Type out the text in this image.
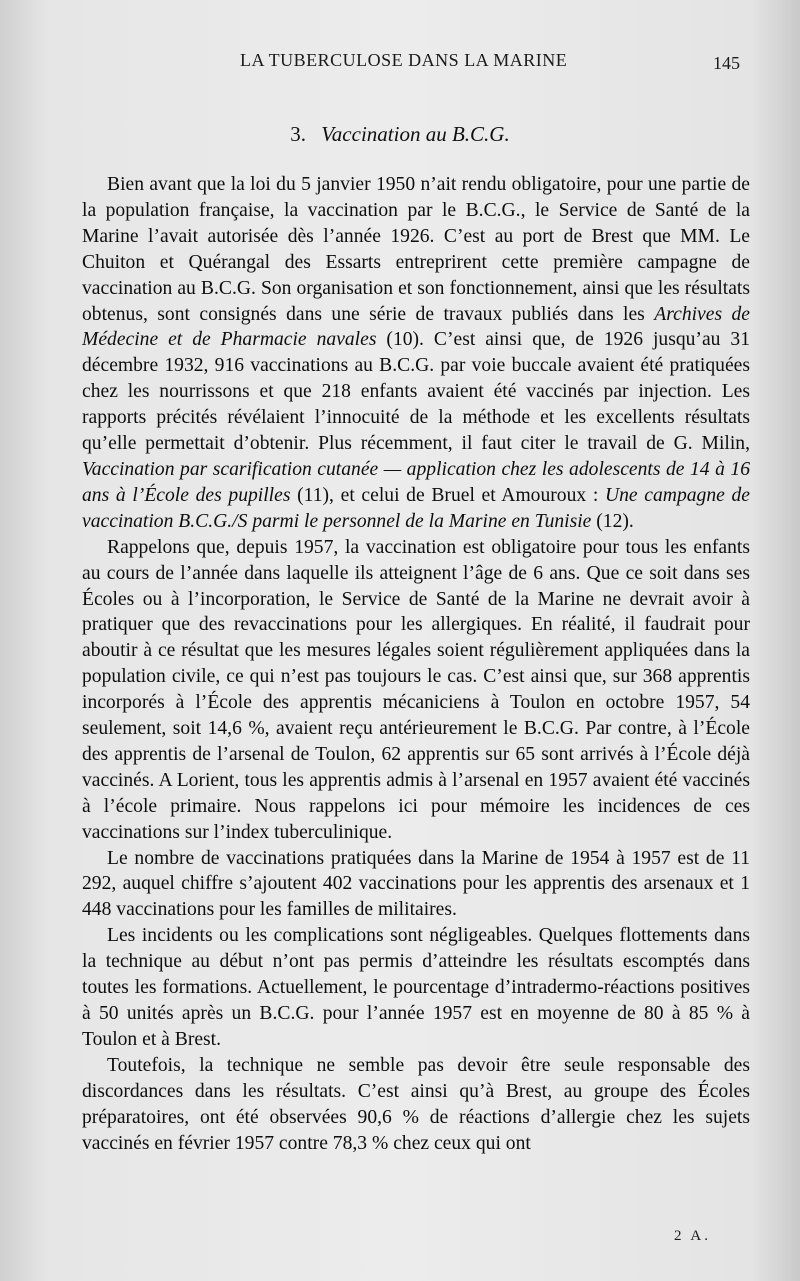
LA TUBERCULOSE DANS LA MARINE	145
3. Vaccination au B.C.G.

Bien avant que la loi du 5 janvier 1950 n’ait rendu obligatoire, pour une partie de la population française, la vaccination par le B.C.G., le Service de Santé de la Marine l’avait autorisée dès l’année 1926. C’est au port de Brest que MM. Le Chuiton et Quérangal des Essarts entreprirent cette première campagne de vaccination au B.C.G. Son organisation et son fonctionnement, ainsi que les résultats obtenus, sont consignés dans une série de travaux publiés dans les Archives de Médecine et de Pharmacie navales (10). C’est ainsi que, de 1926 jusqu’au 31 décembre 1932, 916 vaccinations au B.C.G. par voie buccale avaient été pratiquées chez les nourrissons et que 218 enfants avaient été vaccinés par injection. Les rapports précités révélaient l’innocuité de la méthode et les excellents résultats qu’elle permettait d’obtenir. Plus récemment, il faut citer le travail de G. Milin, Vaccination par scarification cutanée — application chez les adolescents de 14 à 16 ans à l’École des pupilles (11), et celui de Bruel et Amouroux : Une campagne de vaccination B.C.G./S parmi le personnel de la Marine en Tunisie (12).

Rappelons que, depuis 1957, la vaccination est obligatoire pour tous les enfants au cours de l’année dans laquelle ils atteignent l’âge de 6 ans. Que ce soit dans ses Écoles ou à l’incorporation, le Service de Santé de la Marine ne devrait avoir à pratiquer que des revaccinations pour les allergiques. En réalité, il faudrait pour aboutir à ce résultat que les mesures légales soient régulièrement appliquées dans la population civile, ce qui n’est pas toujours le cas. C’est ainsi que, sur 368 apprentis incorporés à l’École des apprentis mécaniciens à Toulon en octobre 1957, 54 seulement, soit 14,6 %, avaient reçu antérieurement le B.C.G. Par contre, à l’École des apprentis de l’arsenal de Toulon, 62 apprentis sur 65 sont arrivés à l’École déjà vaccinés. A Lorient, tous les apprentis admis à l’arsenal en 1957 avaient été vaccinés à l’école primaire. Nous rappelons ici pour mémoire les incidences de ces vaccinations sur l’index tuberculinique.

Le nombre de vaccinations pratiquées dans la Marine de 1954 à 1957 est de 11 292, auquel chiffre s’ajoutent 402 vaccinations pour les apprentis des arsenaux et 1 448 vaccinations pour les familles de militaires.

Les incidents ou les complications sont négligeables. Quelques flottements dans la technique au début n’ont pas permis d’atteindre les résultats escomptés dans toutes les formations. Actuellement, le pourcentage d’intradermo-réactions positives à 50 unités après un B.C.G. pour l’année 1957 est en moyenne de 80 à 85 % à Toulon et à Brest.

Toutefois, la technique ne semble pas devoir être seule responsable des discordances dans les résultats. C’est ainsi qu’à Brest, au groupe des Écoles préparatoires, ont été observées 90,6 % de réactions d’allergie chez les sujets vaccinés en février 1957 contre 78,3 % chez ceux qui ont

2 A.
